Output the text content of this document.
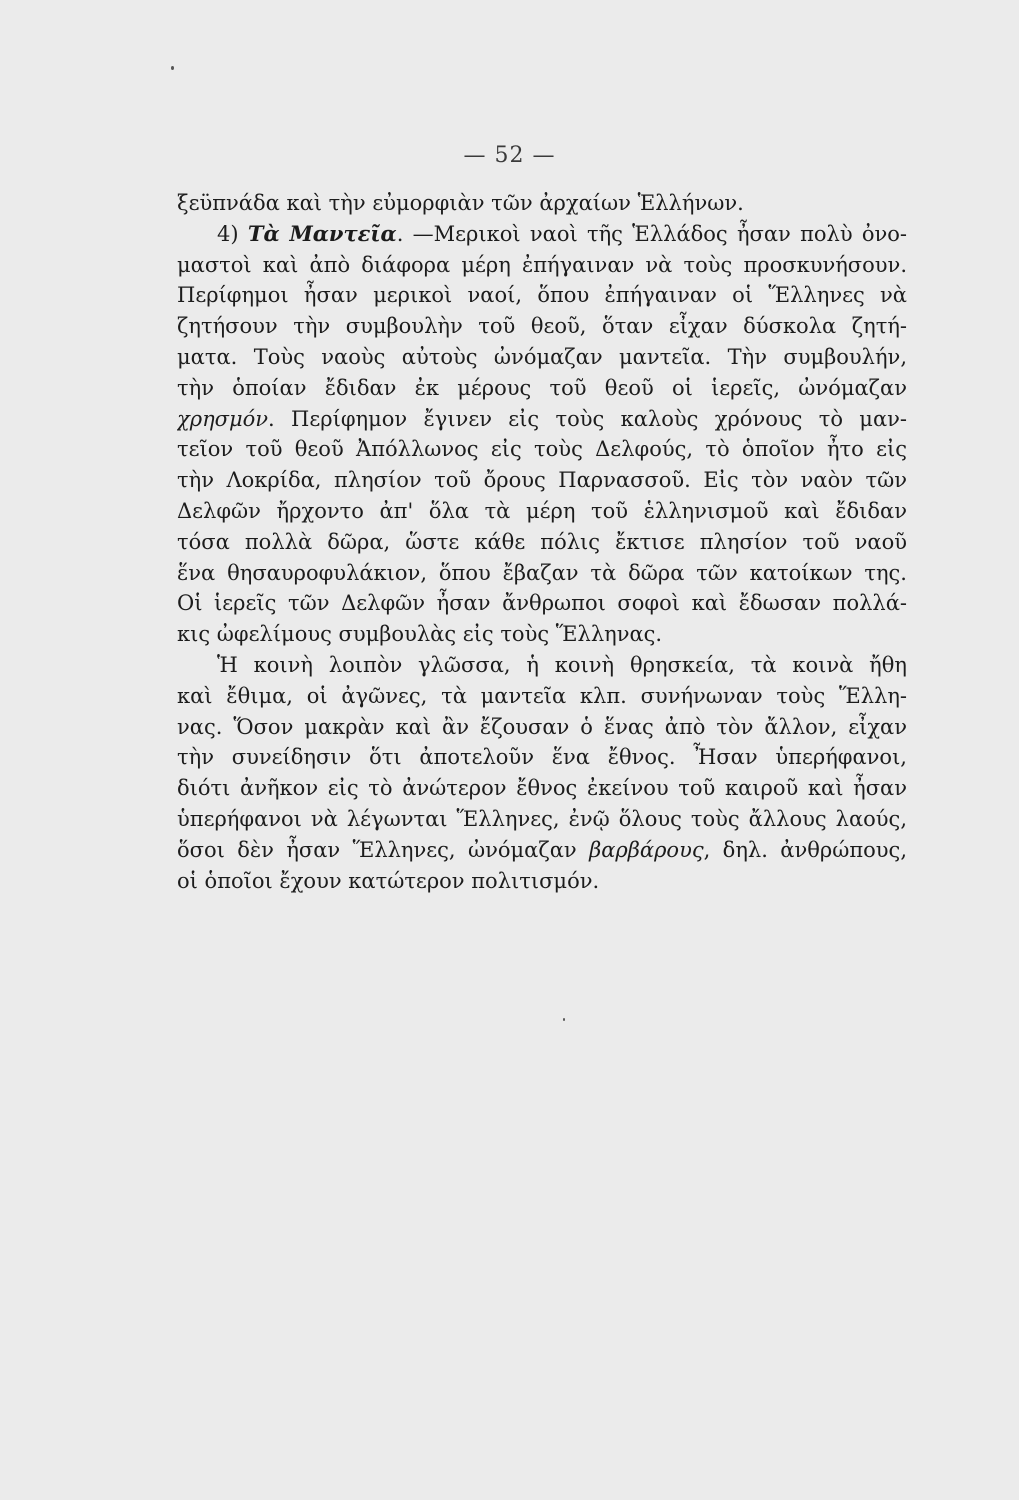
— 52 —
ξεϋπνάδα καὶ τὴν εὐμορφιὰν τῶν ἀρχαίων Ἑλλήνων.
4) Τὰ Μαντεῖα. —Μερικοὶ ναοὶ τῆς Ἑλλάδος ἦσαν πολὺ ὀνο-
μαστοὶ καὶ ἀπὸ διάφορα μέρη ἐπήγαιναν νὰ τοὺς προσκυνήσουν.
Περίφημοι ἦσαν μερικοὶ ναοί, ὅπου ἐπήγαιναν οἱ Ἕλληνες νὰ
ζητήσουν τὴν συμβουλὴν τοῦ θεοῦ, ὅταν εἶχαν δύσκολα ζητή-
ματα. Τοὺς ναοὺς αὐτοὺς ὠνόμαζαν μαντεῖα. Τὴν συμβουλήν,
τὴν ὁποίαν ἔδιδαν ἐκ μέρους τοῦ θεοῦ οἱ ἱερεῖς, ὠνόμαζαν
χρησμόν. Περίφημον ἔγινεν εἰς τοὺς καλοὺς χρόνους τὸ μαν-
τεῖον τοῦ θεοῦ Ἀπόλλωνος εἰς τοὺς Δελφούς, τὸ ὁποῖον ἦτο εἰς
τὴν Λοκρίδα, πλησίον τοῦ ὄρους Παρνασσοῦ. Εἰς τὸν ναὸν τῶν
Δελφῶν ἤρχοντο ἀπ' ὅλα τὰ μέρη τοῦ ἑλληνισμοῦ καὶ ἔδιδαν
τόσα πολλὰ δῶρα, ὥστε κάθε πόλις ἔκτισε πλησίον τοῦ ναοῦ
ἕνα θησαυροφυλάκιον, ὅπου ἔβαζαν τὰ δῶρα τῶν κατοίκων της.
Οἱ ἱερεῖς τῶν Δελφῶν ἦσαν ἄνθρωποι σοφοὶ καὶ ἔδωσαν πολλά-
κις ὠφελίμους συμβουλὰς εἰς τοὺς Ἕλληνας.
Ἡ κοινὴ λοιπὸν γλῶσσα, ἡ κοινὴ θρησκεία, τὰ κοινὰ ἤθη
καὶ ἔθιμα, οἱ ἀγῶνες, τὰ μαντεῖα κλπ. συνήνωναν τοὺς Ἕλλη-
νας. Ὅσον μακρὰν καὶ ἂν ἔζουσαν ὁ ἕνας ἀπὸ τὸν ἄλλον, εἶχαν
τὴν συνείδησιν ὅτι ἀποτελοῦν ἕνα ἔθνος. Ἦσαν ὑπερήφανοι,
διότι ἀνῆκον εἰς τὸ ἀνώτερον ἔθνος ἐκείνου τοῦ καιροῦ καὶ ἦσαν
ὑπερήφανοι νὰ λέγωνται Ἕλληνες, ἐνῷ ὅλους τοὺς ἄλλους λαούς,
ὅσοι δὲν ἦσαν Ἕλληνες, ὠνόμαζαν βαρβάρους, δηλ. ἀνθρώπους,
οἱ ὁποῖοι ἔχουν κατώτερον πολιτισμόν.
